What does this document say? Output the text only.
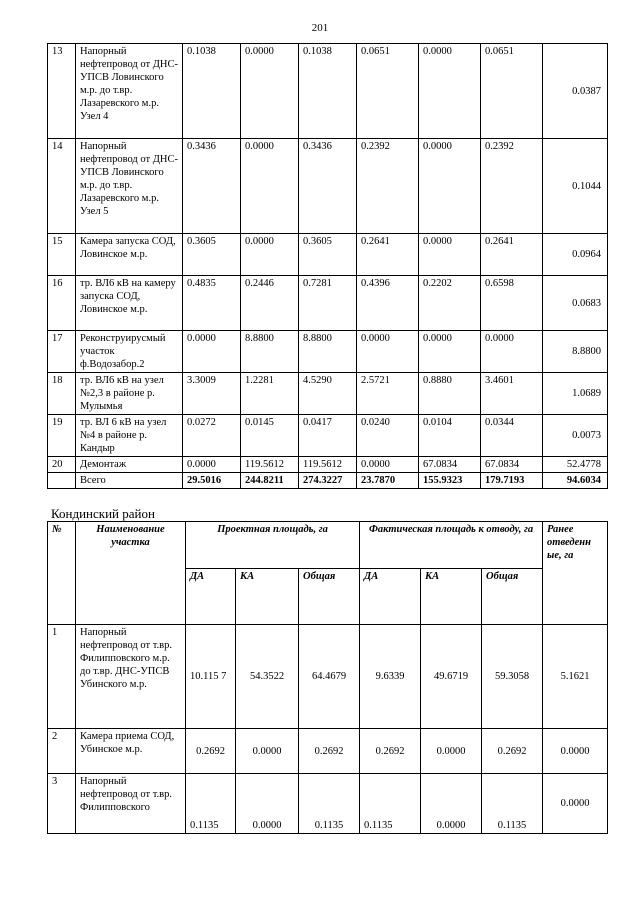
201
13	Напорный нефтепровод от ДНС-УПСВ Ловинского м.р. до т.вр. Лазаревского м.р. Узел 4	0.1038	0.0000	0.1038	0.0651	0.0000	0.0651	0.0387
14	Напорный нефтепровод от ДНС-УПСВ Ловинского м.р. до т.вр. Лазаревского м.р. Узел 5	0.3436	0.0000	0.3436	0.2392	0.0000	0.2392	0.1044
15	Камера запуска СОД, Ловинское м.р.	0.3605	0.0000	0.3605	0.2641	0.0000	0.2641	0.0964
16	тр. ВЛ6 кВ на камеру запуска СОД, Ловинское м.р.	0.4835	0.2446	0.7281	0.4396	0.2202	0.6598	0.0683
17	Реконструирусмый участок ф.Водозабор.2	0.0000	8.8800	8.8800	0.0000	0.0000	0.0000	8.8800
18	тр. ВЛ6 кВ на узел №2,3 в районе р. Мулымья	3.3009	1.2281	4.5290	2.5721	0.8880	3.4601	1.0689
19	тр. ВЛ 6 кВ на узел №4 в районе р. Кандыр	0.0272	0.0145	0.0417	0.0240	0.0104	0.0344	0.0073
20	Демонтаж	0.0000	119.5612	119.5612	0.0000	67.0834	67.0834	52.4778
	Всего	29.5016	244.8211	274.3227	23.7870	155.9323	179.7193	94.6034
Кондинский район
№	Наименование участка	Проектная площадь, га			Фактическая площадь к отводу, га			Ранее отведенн ые, га
		ДА	КА	Общая	ДА	КА	Общая	
1	Напорный нефтепровод от т.вр. Филипповского м.р. до т.вр. ДНС-УПСВ Убинского м.р.	10.115 7	54.3522	64.4679	9.6339	49.6719	59.3058	5.1621
2	Камера приема СОД, Убинское м.р.	0.2692	0.0000	0.2692	0.2692	0.0000	0.2692	0.0000
3	Напорный нефтепровод от т.вр. Филипповского	0.1135	0.0000	0.1135	0.1135	0.0000	0.1135	0.0000
